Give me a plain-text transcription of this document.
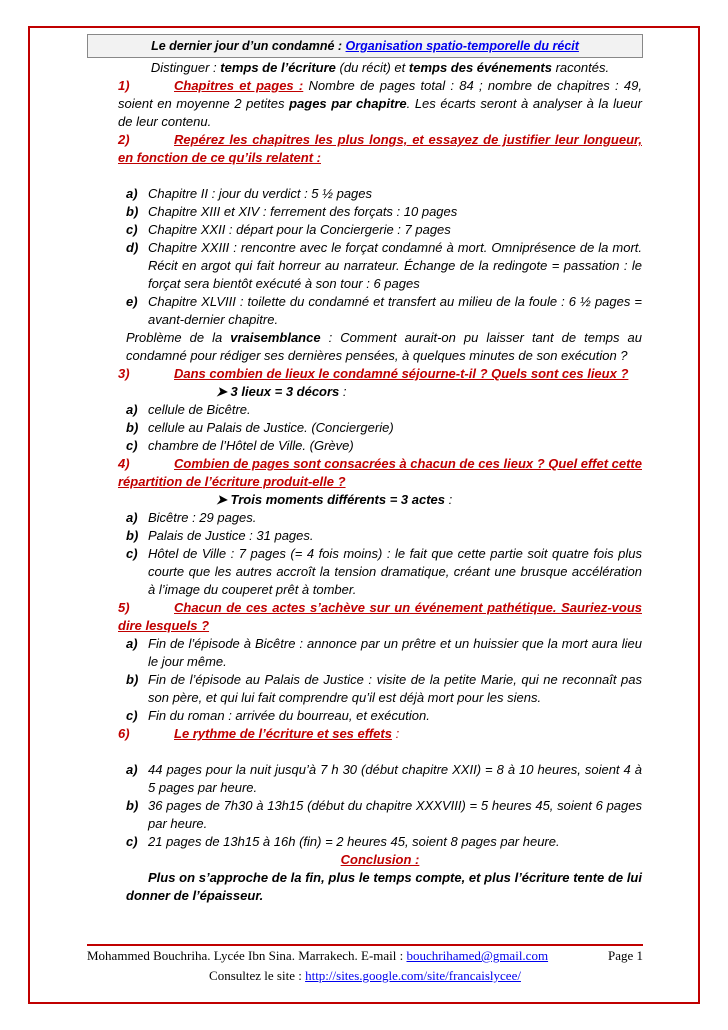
Le dernier jour d’un condamné : Organisation spatio-temporelle du récit
Distinguer : temps de l’écriture (du récit) et temps des événements racontés.
1)	Chapitres et pages : Nombre de pages total : 84 ; nombre de chapitres : 49, soient en moyenne 2 petites pages par chapitre. Les écarts seront à analyser à la lueur de leur contenu.
2)	Repérez les chapitres les plus longs, et essayez de justifier leur longueur, en fonction de ce qu’ils relatent :
a) Chapitre II : jour du verdict : 5 ½ pages
b) Chapitre XIII et XIV : ferrement des forçats : 10 pages
c) Chapitre XXII : départ pour la Conciergerie : 7 pages
d) Chapitre XXIII : rencontre avec le forçat condamné à mort. Omniprésence de la mort. Récit en argot qui fait horreur au narrateur. Échange de la redingote = passation : le forçat sera bientôt exécuté à son tour : 6 pages
e) Chapitre XLVIII : toilette du condamné et transfert au milieu de la foule : 6 ½ pages = avant-dernier chapitre.
Problème de la vraisemblance : Comment aurait-on pu laisser tant de temps au condamné pour rédiger ses dernières pensées, à quelques minutes de son exécution ?
3)	Dans combien de lieux le condamné séjourne-t-il ? Quels sont ces lieux ?
➤ 3 lieux = 3 décors :
a) cellule de Bicêtre.
b) cellule au Palais de Justice. (Conciergerie)
c) chambre de l’Hôtel de Ville. (Grève)
4)	Combien de pages sont consacrées à chacun de ces lieux ? Quel effet cette répartition de l’écriture produit-elle ?
➤ Trois moments différents = 3 actes :
a) Bicêtre : 29 pages.
b) Palais de Justice : 31 pages.
c) Hôtel de Ville : 7 pages (= 4 fois moins) : le fait que cette partie soit quatre fois plus courte que les autres accroît la tension dramatique, créant une brusque accélération à l’image du couperet prêt à tomber.
5)	Chacun de ces actes s’achève sur un événement pathétique. Sauriez-vous dire lesquels ?
a) Fin de l’épisode à Bicêtre : annonce par un prêtre et un huissier que la mort aura lieu le jour même.
b) Fin de l’épisode au Palais de Justice : visite de la petite Marie, qui ne reconnaît pas son père, et qui lui fait comprendre qu’il est déjà mort pour les siens.
c) Fin du roman : arrivée du bourreau, et exécution.
6)	Le rythme de l’écriture et ses effets :
a) 44 pages pour la nuit jusqu’à 7 h 30 (début chapitre XXII) = 8 à 10 heures, soient 4 à 5 pages par heure.
b) 36 pages de 7h30 à 13h15 (début du chapitre XXXVIII) = 5 heures 45, soient 6 pages par heure.
c) 21 pages de 13h15 à 16h (fin) = 2 heures 45, soient 8 pages par heure.
Conclusion :
Plus on s’approche de la fin, plus le temps compte, et plus l’écriture tente de lui donner de l’épaisseur.
Mohammed Bouchriha. Lycée Ibn Sina. Marrakech. E-mail : bouchrihamed@gmail.com	Page 1
Consultez le site : http://sites.google.com/site/francaislycee/
